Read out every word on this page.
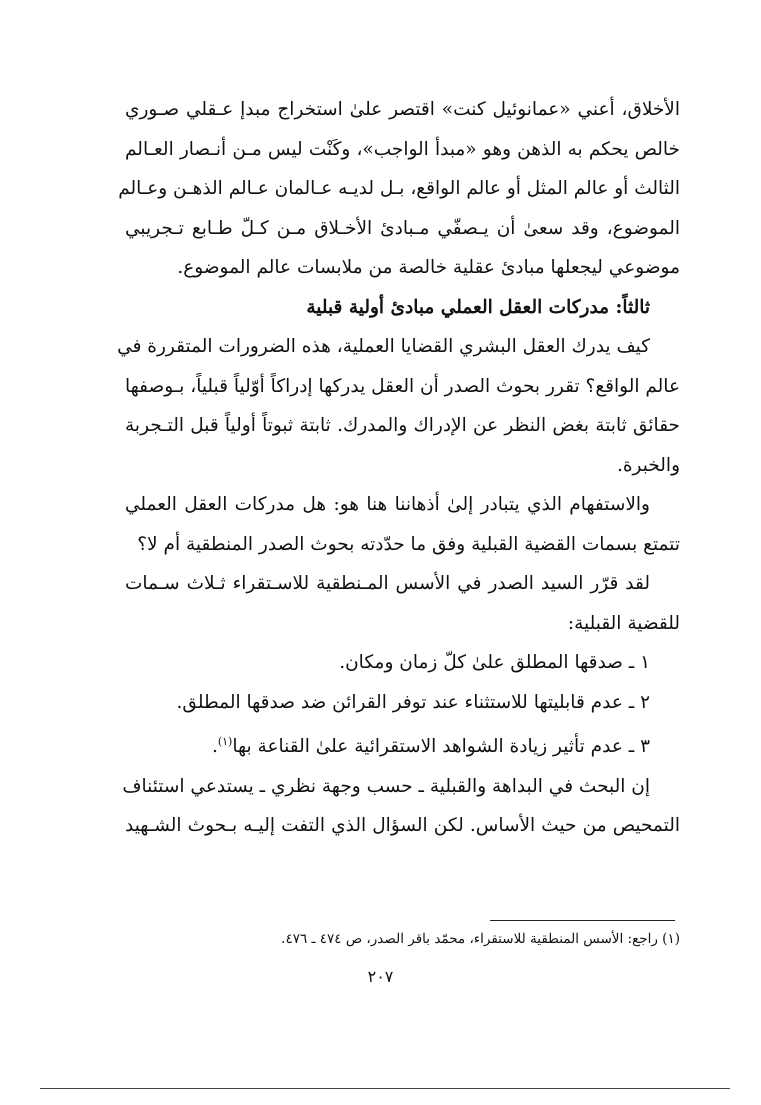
الأخلاق، أعني «عمانوئيل كنت» اقتصر علىٰ استخراج مبدإ عـقلي صـوري
خالص يحكم به الذهن وهو «مبدأ الواجب»، وكَنْت ليس مـن أنـصار العـالم
الثالث أو عالم المثل أو عالم الواقع، بـل لديـه عـالمان عـالم الذهـن وعـالم
الموضوع، وقد سعىٰ أن يـصفّي مـبادئ الأخـلاق مـن كـلّ طـابع تـجريبي
موضوعي ليجعلها مبادئ عقلية خالصة من ملابسات عالم الموضوع.
ثالثاً: مدركات العقل العملي مبادئ أولية قبلية
كيف يدرك العقل البشري القضايا العملية، هذه الضرورات المتقررة في
عالم الواقع؟ تقرر بحوث الصدر أن العقل يدركها إدراكاً أوّلياً قبلياً، بـوصفها
حقائق ثابتة بغض النظر عن الإدراك والمدرك. ثابتة ثبوتاً أولياً قبل التـجربة
والخبرة.
والاستفهام الذي يتبادر إلىٰ أذهاننا هنا هو: هل مدركات العقل العملي
تتمتع بسمات القضية القبلية وفق ما حدّدته بحوث الصدر المنطقية أم لا؟
لقد قرّر السيد الصدر في الأسس المـنطقية للاسـتقراء ثـلاث سـمات
للقضية القبلية:
١ ـ صدقها المطلق علىٰ كلّ زمان ومكان.
٢ ـ عدم قابليتها للاستثناء عند توفر القرائن ضد صدقها المطلق.
٣ ـ عدم تأثير زيادة الشواهد الاستقرائية علىٰ القناعة بها$^{(١)}$.
إن البحث في البداهة والقبلية ـ حسب وجهة نظري ـ يستدعي استئناف
التمحيص من حيث الأساس. لكن السؤال الذي التفت إليـه بـحوث الشـهيد
(١) راجع: الأسس المنطقية للاستقراء، محمّد باقر الصدر، ص ٤٧٤ ـ ٤٧٦.
٢٠٧
